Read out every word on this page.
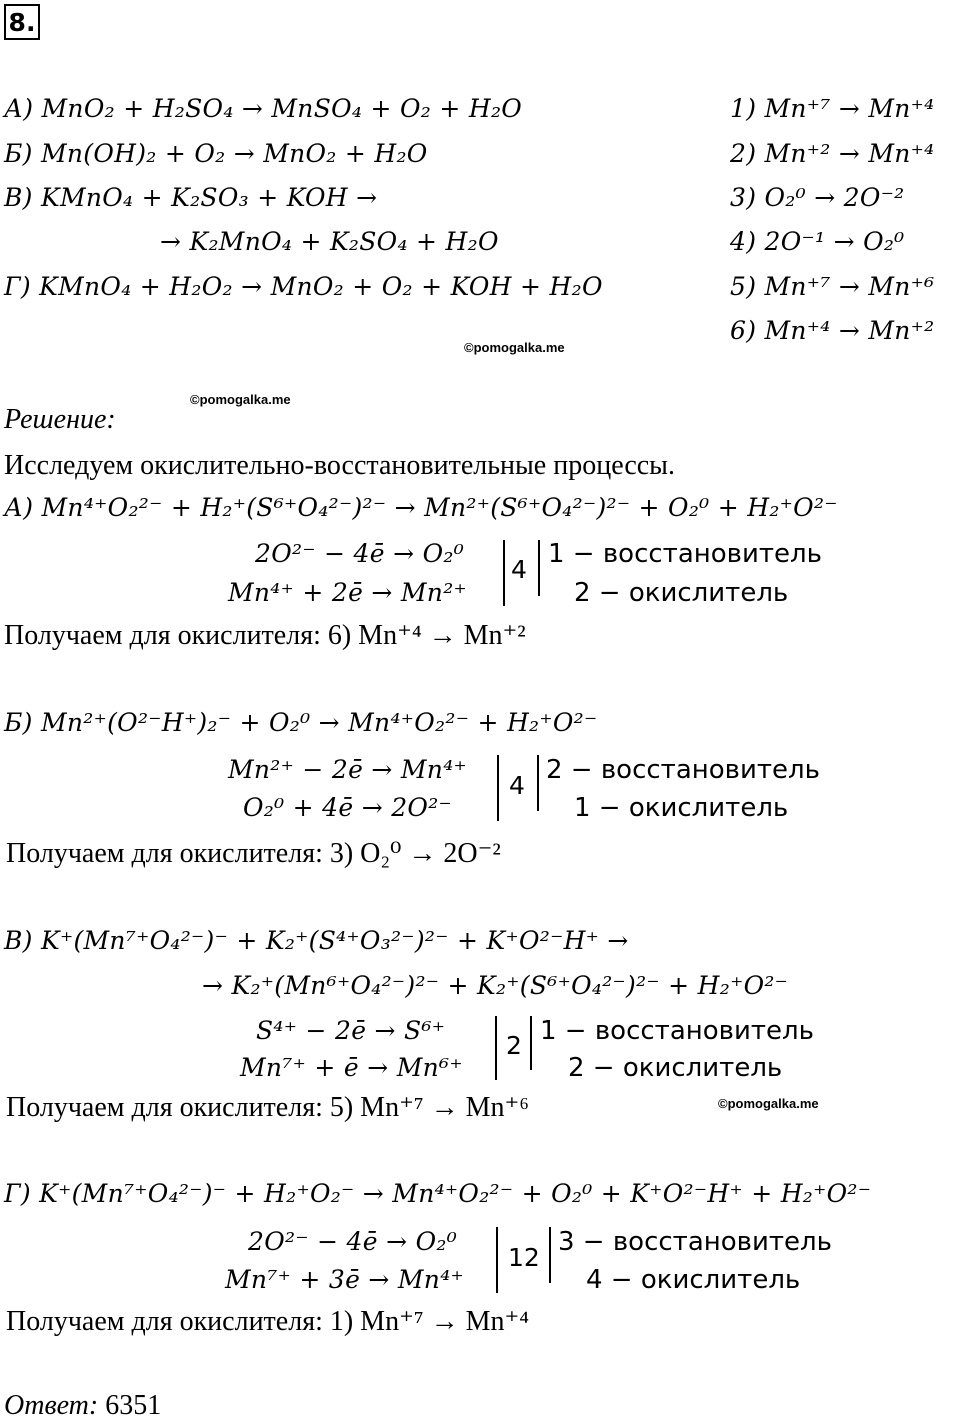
8.
А) MnO₂ + H₂SO₄ → MnSO₄ + O₂ + H₂O
Б) Mn(OH)₂ + O₂ → MnO₂ + H₂O
В) KMnO₄ + K₂SO₃ + KOH →
→ K₂MnO₄ + K₂SO₄ + H₂O
Г) KMnO₄ + H₂O₂ → MnO₂ + O₂ + KOH + H₂O
1) Mn⁺⁷ → Mn⁺⁴
2) Mn⁺² → Mn⁺⁴
3) O₂⁰ → 2O⁻²
4) 2O⁻¹ → O₂⁰
5) Mn⁺⁷ → Mn⁺⁶
6) Mn⁺⁴ → Mn⁺²
©pomogalka.me
©pomogalka.me
Решение:
Исследуем окислительно-восстановительные процессы.
А) Mn⁴⁺O₂²⁻ + H₂⁺(S⁶⁺O₄²⁻)²⁻ → Mn²⁺(S⁶⁺O₄²⁻)²⁻ + O₂⁰ + H₂⁺O²⁻
2O²⁻ − 4ē → O₂⁰
Mn⁴⁺ + 2ē → Mn²⁺
4
1 − восстановитель
2 − окислитель
Получаем для окислителя: 6) Mn⁺⁴ → Mn⁺²
Б) Mn²⁺(O²⁻H⁺)₂⁻ + O₂⁰ → Mn⁴⁺O₂²⁻ + H₂⁺O²⁻
Mn²⁺ − 2ē → Mn⁴⁺
O₂⁰ + 4ē → 2O²⁻
4
2 − восстановитель
1 − окислитель
Получаем для окислителя: 3) O₂⁰ → 2O⁻²
В) K⁺(Mn⁷⁺O₄²⁻)⁻ + K₂⁺(S⁴⁺O₃²⁻)²⁻ + K⁺O²⁻H⁺ →
→ K₂⁺(Mn⁶⁺O₄²⁻)²⁻ + K₂⁺(S⁶⁺O₄²⁻)²⁻ + H₂⁺O²⁻
S⁴⁺ − 2ē → S⁶⁺
Mn⁷⁺ + ē → Mn⁶⁺
2 1 − восстановитель
2 − окислитель
Получаем для окислителя: 5) Mn⁺⁷ → Mn⁺⁶	©pomogalka.me
Г) K⁺(Mn⁷⁺O₄²⁻)⁻ + H₂⁺O₂⁻ → Mn⁴⁺O₂²⁻ + O₂⁰ + K⁺O²⁻H⁺ + H₂⁺O²⁻
2O²⁻ − 4ē → O₂⁰
Mn⁷⁺ + 3ē → Mn⁴⁺
12
3 − восстановитель
4 − окислитель
Получаем для окислителя: 1) Mn⁺⁷ → Mn⁺⁴
Ответ: 6351
